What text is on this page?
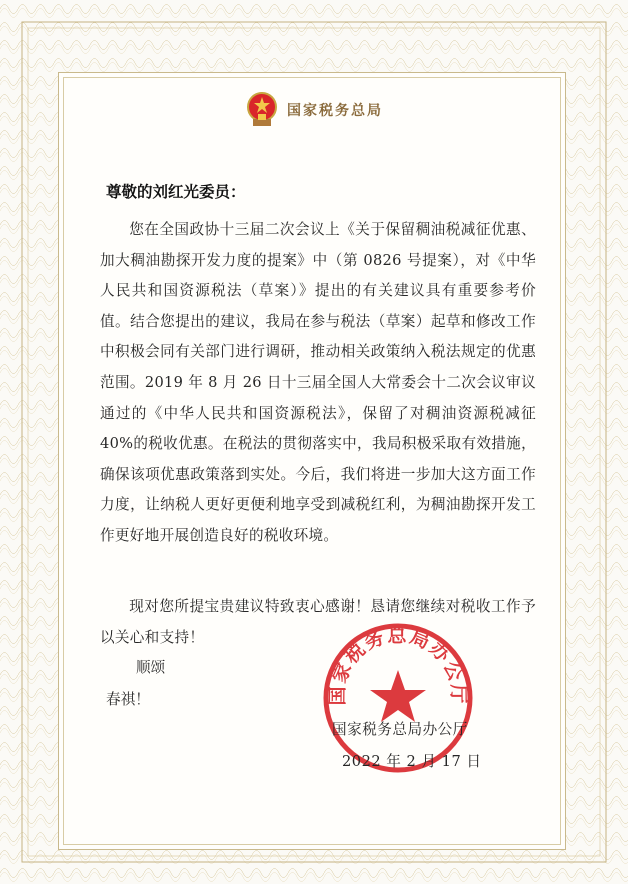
国家税务总局
尊敬的刘红光委员：

您在全国政协十三届二次会议上《关于保留稠油税减征优惠、加大稠油勘探开发力度的提案》中（第 0826 号提案），对《中华人民共和国资源税法（草案）》提出的有关建议具有重要参考价值。结合您提出的建议，我局在参与税法（草案）起草和修改工作中积极会同有关部门进行调研，推动相关政策纳入税法规定的优惠范围。2019 年 8 月 26 日十三届全国人大常委会十二次会议审议通过的《中华人民共和国资源税法》，保留了对稠油资源税减征 40%的税收优惠。在税法的贯彻落实中，我局积极采取有效措施，确保该项优惠政策落到实处。今后，我们将进一步加大这方面工作力度，让纳税人更好更便利地享受到减税红利，为稠油勘探开发工作更好地开展创造良好的税收环境。

现对您所提宝贵建议特致衷心感谢！恳请您继续对税收工作予以关心和支持！

顺颂
春祺！	国家税务总局办公厅
国家税务总局办公厅
2022 年 2 月 17 日
